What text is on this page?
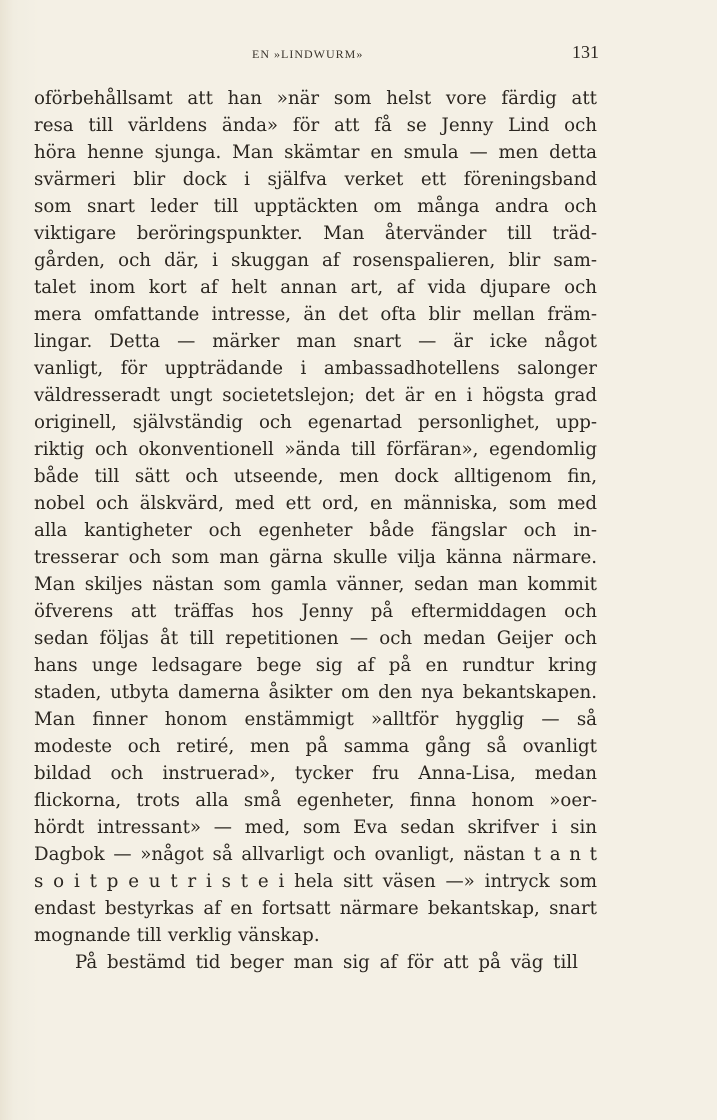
EN »LINDWURM»	131
oförbehållsamt att han »när som helst vore färdig att
resa till världens ända» för att få se Jenny Lind och
höra henne sjunga. Man skämtar en smula — men detta
svärmeri blir dock i själfva verket ett föreningsband
som snart leder till upptäckten om många andra och
viktigare beröringspunkter. Man återvänder till träd-
gården, och där, i skuggan af rosenspalieren, blir sam-
talet inom kort af helt annan art, af vida djupare och
mera omfattande intresse, än det ofta blir mellan främ-
lingar. Detta — märker man snart — är icke något
vanligt, för uppträdande i ambassadhotellens salonger
väldresseradt ungt societetslejon; det är en i högsta grad
originell, självständig och egenartad personlighet, upp-
riktig och okonventionell »ända till förfäran», egendomlig
både till sätt och utseende, men dock alltigenom fin,
nobel och älskvärd, med ett ord, en människa, som med
alla kantigheter och egenheter både fängslar och in-
tresserar och som man gärna skulle vilja känna närmare.
Man skiljes nästan som gamla vänner, sedan man kommit
öfverens att träffas hos Jenny på eftermiddagen och
sedan följas åt till repetitionen — och medan Geijer och
hans unge ledsagare bege sig af på en rundtur kring
staden, utbyta damerna åsikter om den nya bekantskapen.
Man finner honom enstämmigt »alltför hygglig — så
modeste och retiré, men på samma gång så ovanligt
bildad och instruerad», tycker fru Anna-Lisa, medan
flickorna, trots alla små egenheter, finna honom »oer-
hördt intressant» — med, som Eva sedan skrifver i sin
Dagbok — »något så allvarligt och ovanligt, nästan t a n t
s o i t p e u t r i s t e i hela sitt väsen —» intryck som
endast bestyrkas af en fortsatt närmare bekantskap, snart
mognande till verklig vänskap.
På bestämd tid beger man sig af för att på väg till
